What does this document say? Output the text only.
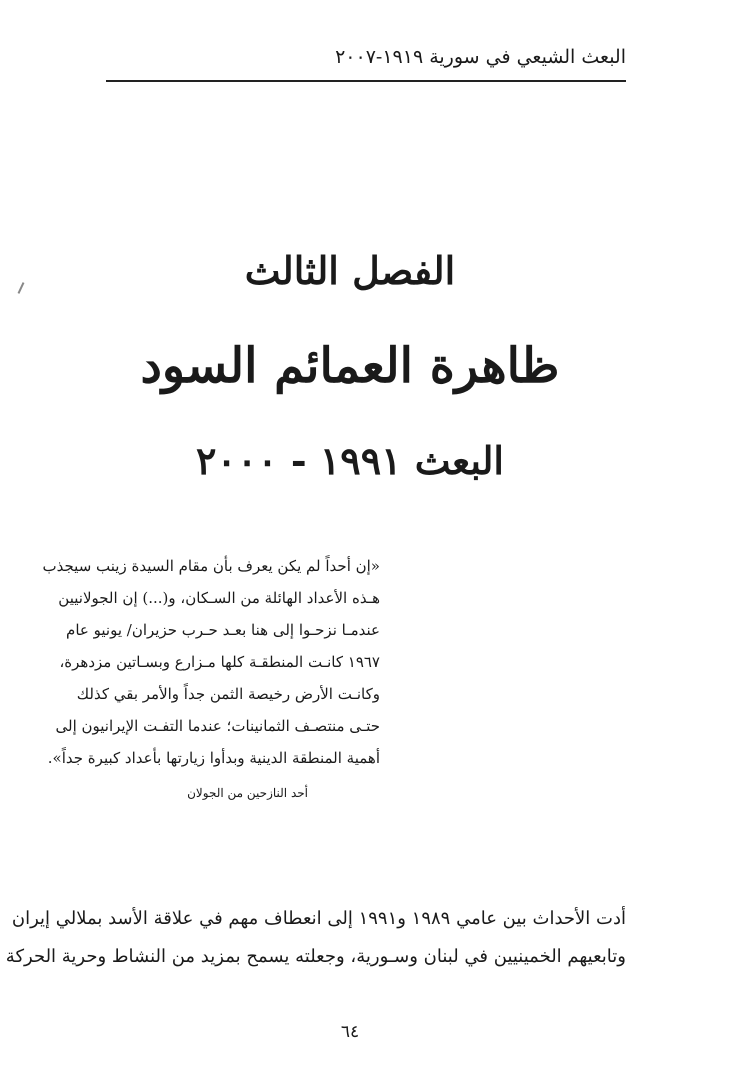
البعث الشيعي في سورية ١٩١٩-٢٠٠٧
الفصل الثالث
ظاهرة العمائم السود
البعث ١٩٩١ - ٢٠٠٠

«إن أحداً لم يكن يعرف بأن مقام السيدة زينب سيجذب

هـذه الأعداد الهائلة من السـكان، و(...) إن الجولانيين

عندمـا نزحـوا إلى هنا بعـد حـرب حزيران/ يونيو عام

١٩٦٧ كانـت المنطقـة كلها مـزارع وبسـاتين مزدهرة،

وكانـت الأرض رخيصة الثمن جداً والأمر بقي كذلك

حتـى منتصـف الثمانينات؛ عندما التفـت الإيرانيون إلى

أهمية المنطقة الدينية وبدأوا زيارتها بأعداد كبيرة جداً».

أحد النازحين من الجولان

أدت الأحداث بين عامي ١٩٨٩ و١٩٩١ إلى انعطاف مهم في علاقة الأسد بملالي إيران

وتابعيهم الخمينيين في لبنان وسـورية، وجعلته يسمح بمزيد من النشاط وحرية الحركة

٦٤
